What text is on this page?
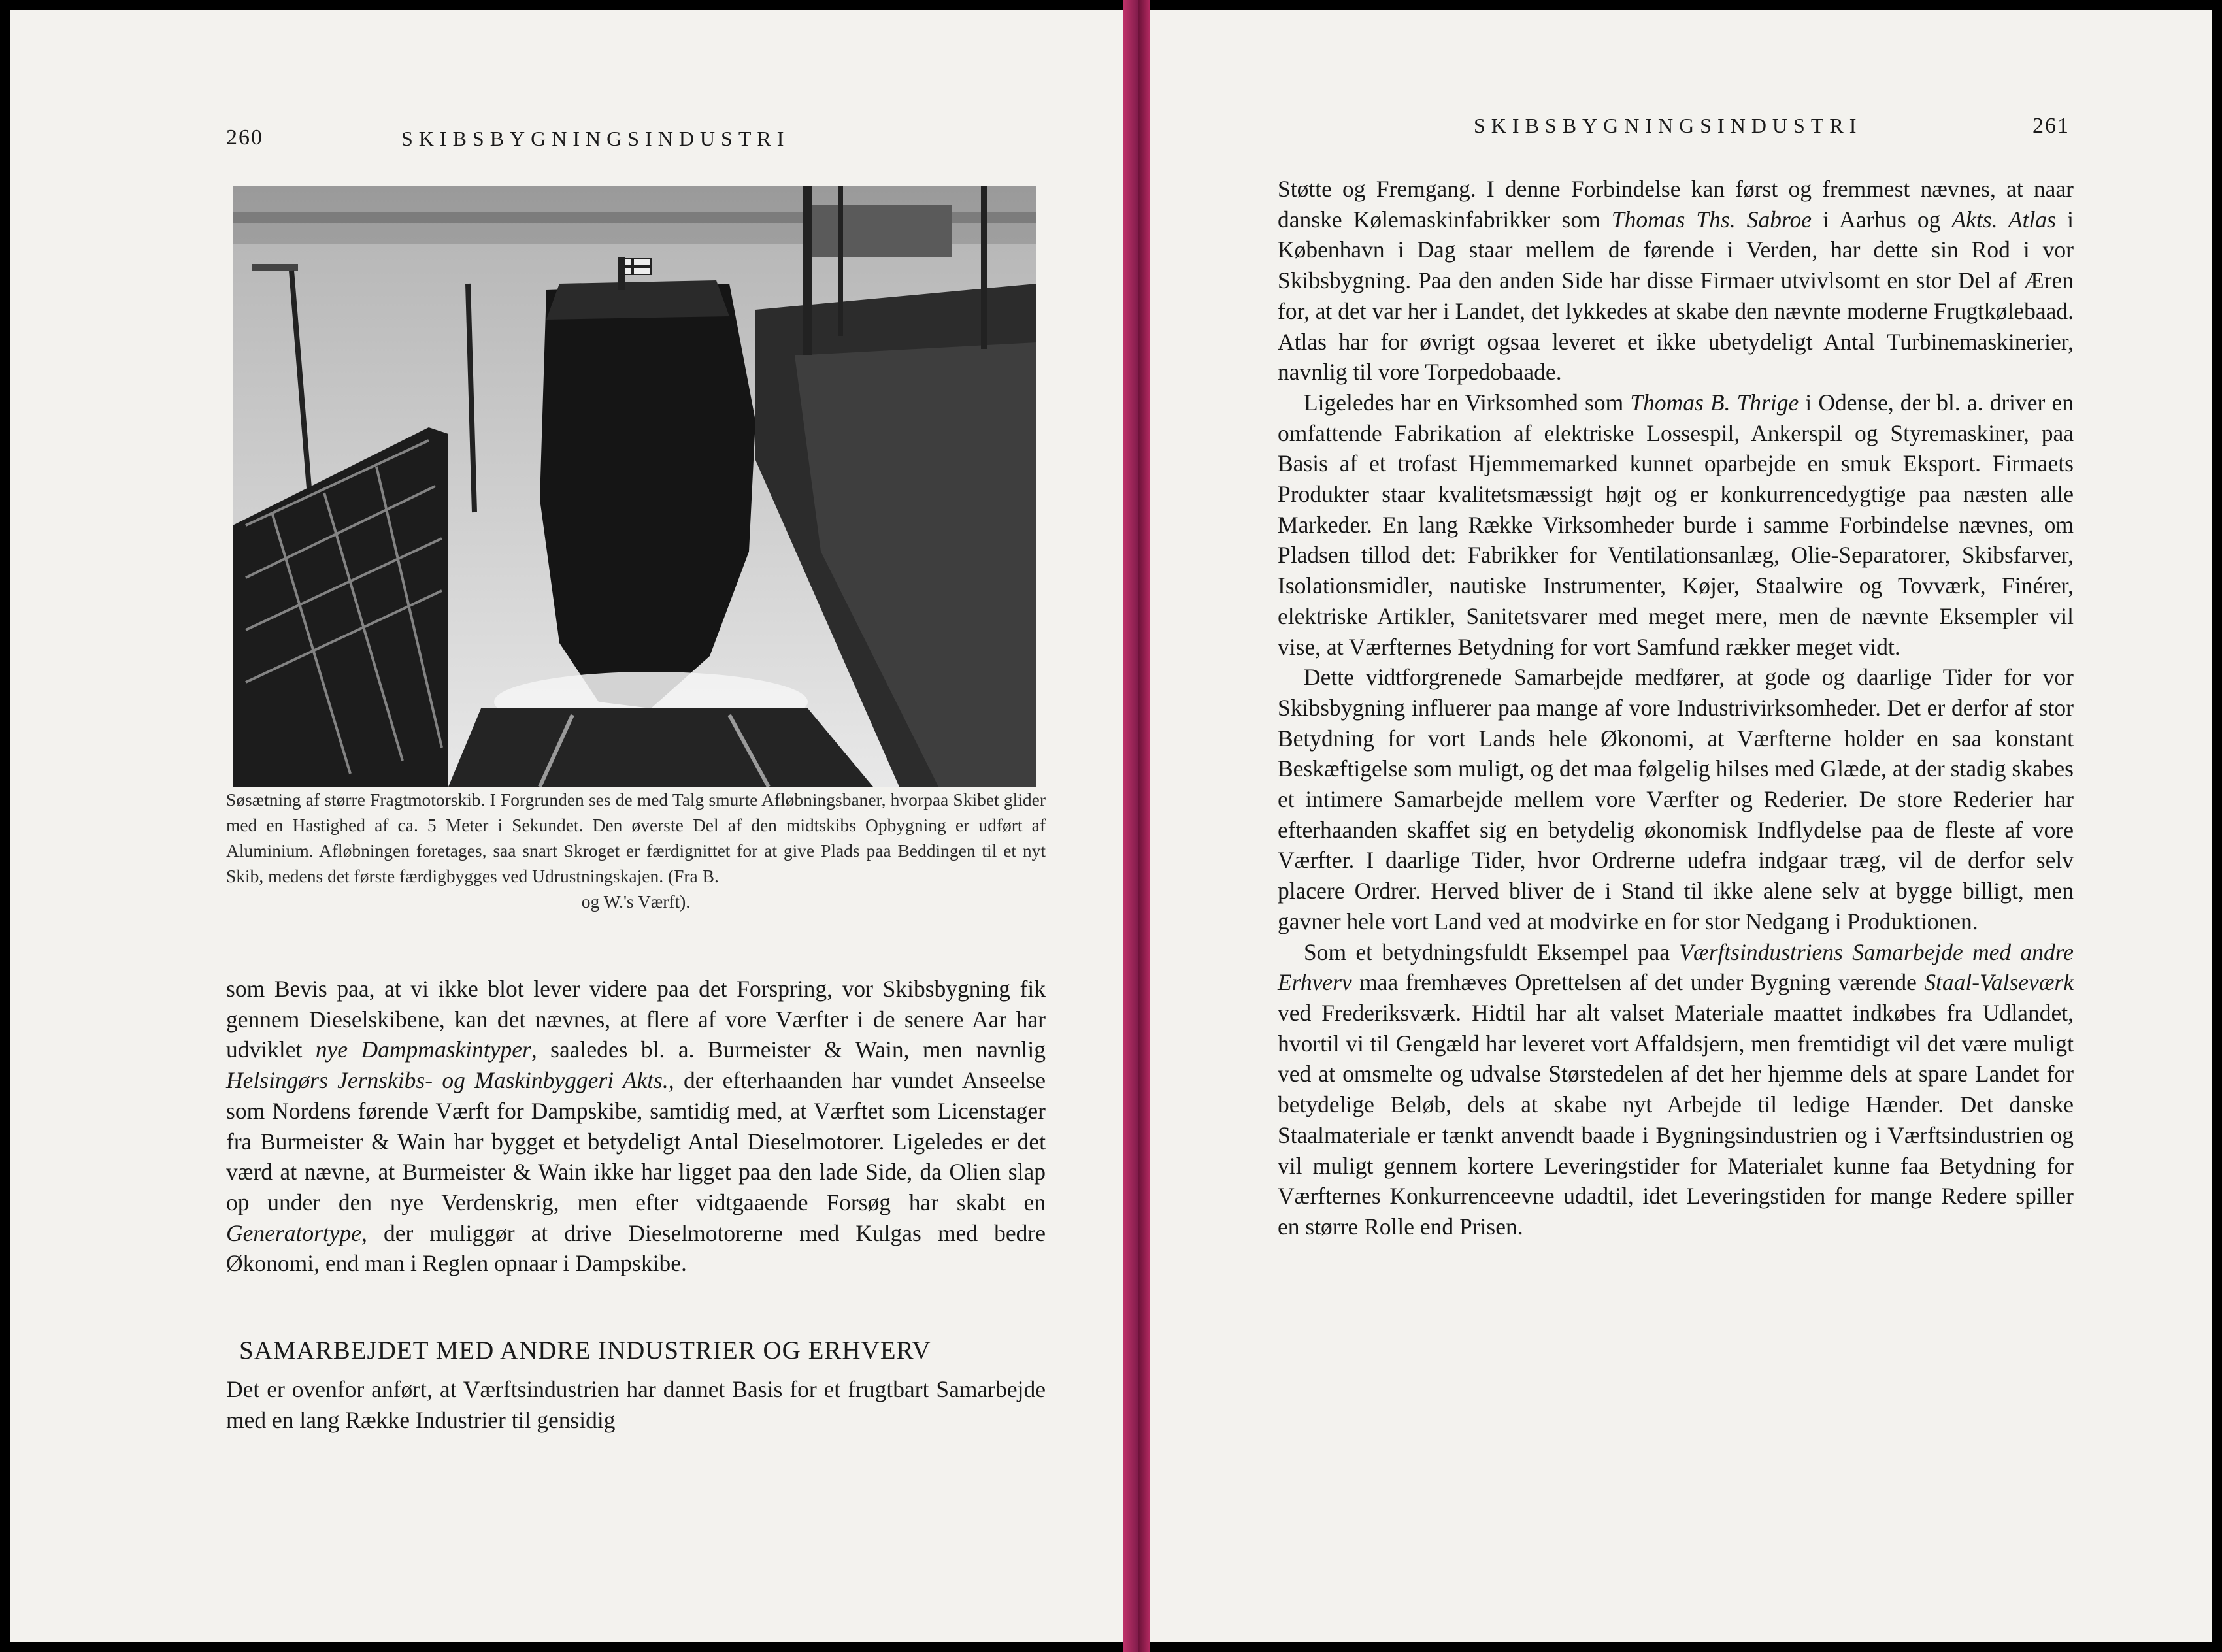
260	SKIBSBYGNINGSINDUSTRI
Søsætning af større Fragtmotorskib. I Forgrunden ses de med Talg smurte Afløbningsbaner, hvorpaa Skibet glider med en Hastighed af ca. 5 Meter i Sekundet. Den øverste Del af den midtskibs Opbygning er udført af Aluminium. Afløbningen foretages, saa snart Skroget er færdignittet for at give Plads paa Beddingen til et nyt Skib, medens det første færdigbygges ved Udrustningskajen. (Fra B.
og W.'s Værft).

som Bevis paa, at vi ikke blot lever videre paa det Forspring, vor Skibsbygning fik gennem Dieselskibene, kan det nævnes, at flere af vore Værfter i de senere Aar har udviklet nye Dampmaskintyper, saaledes bl. a. Burmeister & Wain, men navnlig Helsingørs Jernskibs- og Maskinbyggeri Akts., der efterhaanden har vundet Anseelse som Nordens førende Værft for Dampskibe, samtidig med, at Værftet som Licenstager fra Burmeister & Wain har bygget et betydeligt Antal Dieselmotorer. Ligeledes er det værd at nævne, at Burmeister & Wain ikke har ligget paa den lade Side, da Olien slap op under den nye Verdenskrig, men efter vidtgaaende Forsøg har skabt en Generatortype, der muliggør at drive Dieselmotorerne med Kulgas med bedre Økonomi, end man i Reglen opnaar i Dampskibe.

SAMARBEJDET MED ANDRE INDUSTRIER OG ERHVERV

Det er ovenfor anført, at Værftsindustrien har dannet Basis for et frugtbart Samarbejde med en lang Række Industrier til gensidig

SKIBSBYGNINGSINDUSTRI	261

Støtte og Fremgang. I denne Forbindelse kan først og fremmest nævnes, at naar danske Kølemaskinfabrikker som Thomas Ths. Sabroe i Aarhus og Akts. Atlas i København i Dag staar mellem de førende i Verden, har dette sin Rod i vor Skibsbygning. Paa den anden Side har disse Firmaer utvivlsomt en stor Del af Æren for, at det var her i Landet, det lykkedes at skabe den nævnte moderne Frugtkølebaad. Atlas har for øvrigt ogsaa leveret et ikke ubetydeligt Antal Turbinemaskinerier, navnlig til vore Torpedobaade.

Ligeledes har en Virksomhed som Thomas B. Thrige i Odense, der bl. a. driver en omfattende Fabrikation af elektriske Lossespil, Ankerspil og Styremaskiner, paa Basis af et trofast Hjemmemarked kunnet oparbejde en smuk Eksport. Firmaets Produkter staar kvalitetsmæssigt højt og er konkurrencedygtige paa næsten alle Markeder. En lang Række Virksomheder burde i samme Forbindelse nævnes, om Pladsen tillod det: Fabrikker for Ventilationsanlæg, Olie-Separatorer, Skibsfarver, Isolationsmidler, nautiske Instrumenter, Køjer, Staalwire og Tovværk, Finérer, elektriske Artikler, Sanitetsvarer med meget mere, men de nævnte Eksempler vil vise, at Værfternes Betydning for vort Samfund rækker meget vidt.

Dette vidtforgrenede Samarbejde medfører, at gode og daarlige Tider for vor Skibsbygning influerer paa mange af vore Industrivirksomheder. Det er derfor af stor Betydning for vort Lands hele Økonomi, at Værfterne holder en saa konstant Beskæftigelse som muligt, og det maa følgelig hilses med Glæde, at der stadig skabes et intimere Samarbejde mellem vore Værfter og Rederier. De store Rederier har efterhaanden skaffet sig en betydelig økonomisk Indflydelse paa de fleste af vore Værfter. I daarlige Tider, hvor Ordrerne udefra indgaar træg, vil de derfor selv placere Ordrer. Herved bliver de i Stand til ikke alene selv at bygge billigt, men gavner hele vort Land ved at modvirke en for stor Nedgang i Produktionen.

Som et betydningsfuldt Eksempel paa Værftsindustriens Samarbejde med andre Erhverv maa fremhæves Oprettelsen af det under Bygning værende Staal-Valseværk ved Frederiksværk. Hidtil har alt valset Materiale maattet indkøbes fra Udlandet, hvortil vi til Gengæld har leveret vort Affaldsjern, men fremtidigt vil det være muligt ved at omsmelte og udvalse Størstedelen af det her hjemme dels at spare Landet for betydelige Beløb, dels at skabe nyt Arbejde til ledige Hænder. Det danske Staalmateriale er tænkt anvendt baade i Bygningsindustrien og i Værftsindustrien og vil muligt gennem kortere Leveringstider for Materialet kunne faa Betydning for Værfternes Konkurrenceevne udadtil, idet Leveringstiden for mange Redere spiller en større Rolle end Prisen.
